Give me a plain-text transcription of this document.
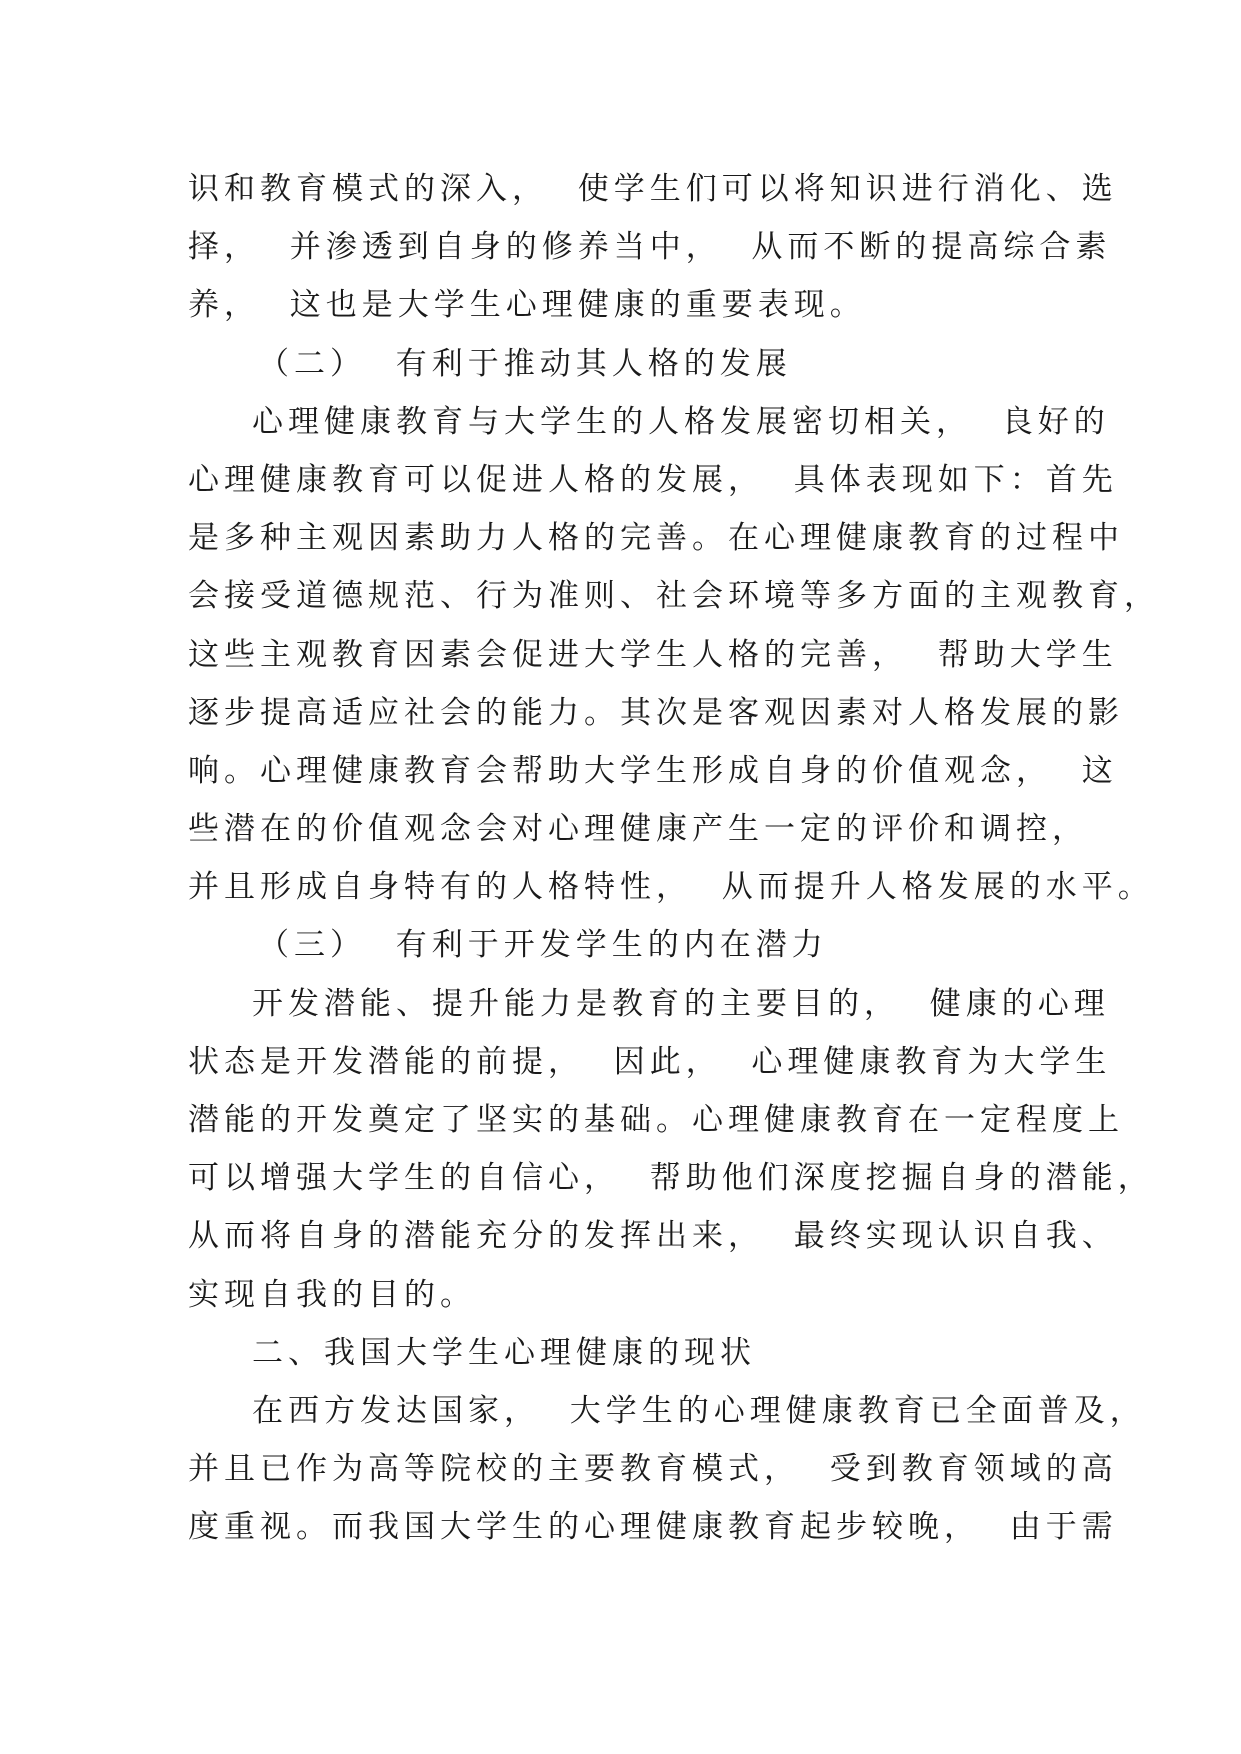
识和教育模式的深入，  使学生们可以将知识进行消化、选
择，  并渗透到自身的修养当中，  从而不断的提高综合素
养，  这也是大学生心理健康的重要表现。
（二）  有利于推动其人格的发展
心理健康教育与大学生的人格发展密切相关，  良好的
心理健康教育可以促进人格的发展，  具体表现如下：首先
是多种主观因素助力人格的完善。在心理健康教育的过程中
会接受道德规范、行为准则、社会环境等多方面的主观教育，
这些主观教育因素会促进大学生人格的完善，  帮助大学生
逐步提高适应社会的能力。其次是客观因素对人格发展的影
响。心理健康教育会帮助大学生形成自身的价值观念，  这
些潜在的价值观念会对心理健康产生一定的评价和调控，
并且形成自身特有的人格特性，  从而提升人格发展的水平。
（三）  有利于开发学生的内在潜力
开发潜能、提升能力是教育的主要目的，  健康的心理
状态是开发潜能的前提，  因此，  心理健康教育为大学生
潜能的开发奠定了坚实的基础。心理健康教育在一定程度上
可以增强大学生的自信心，  帮助他们深度挖掘自身的潜能，
从而将自身的潜能充分的发挥出来，  最终实现认识自我、
实现自我的目的。
二、我国大学生心理健康的现状
在西方发达国家，  大学生的心理健康教育已全面普及，
并且已作为高等院校的主要教育模式，  受到教育领域的高
度重视。而我国大学生的心理健康教育起步较晚，  由于需
